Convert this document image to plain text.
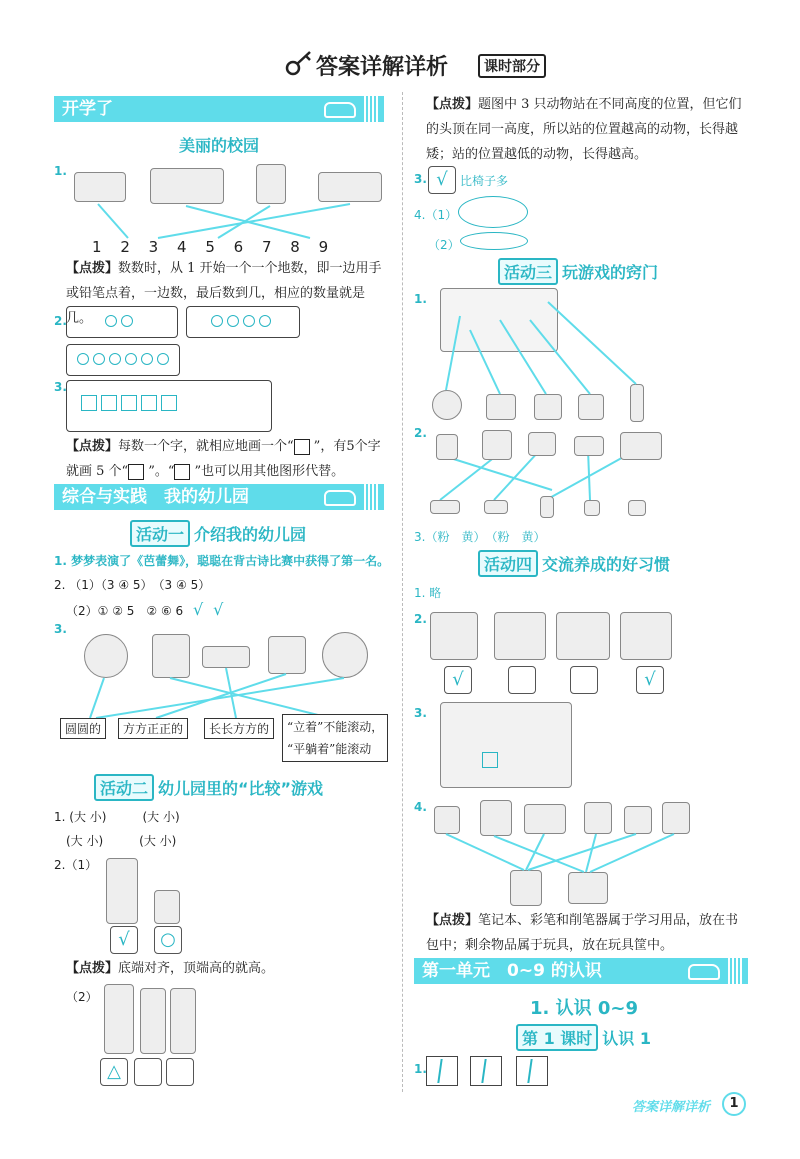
答案详解详析	课时部分
开学了
美丽的校园
1.
1 2 3 4 5 6 7 8 9
【点拨】数数时，从 1 开始一个一个地数，即一边用手或铅笔点着，一边数，最后数到几，相应的数量就是几。
2.
3.
【点拨】每数一个字，就相应地画一个“ ”，有5个字就画 5 个“ ”。“ ”也可以用其他图形代替。
综合与实践　我的幼儿园
活动一 介绍我的幼儿园
1. 梦梦表演了《芭蕾舞》，聪聪在背古诗比赛中获得了第一名。
2. （1）（3 ④ 5）　（3 ④ 5）
（2）① ② 5　② ⑥ 6 √ √
3.
圆圆的	方方正正的	长长方方的	“立着”不能滚动，
“平躺着”能滚动
活动二 幼儿园里的“比较”游戏
1. (大 小)　　　(大 小)
(大 小)　　　(大 小)
2.（1）
√	○
【点拨】底端对齐，顶端高的就高。
（2）
△
【点拨】题图中 3 只动物站在不同高度的位置，但它们的头顶在同一高度，所以站的位置越高的动物，长得越矮；站的位置越低的动物，长得越高。
3. √	比椅子多
4.（1）
（2）
活动三 玩游戏的窍门
1.
2.
3.（粉　黄）　（粉　黄）
活动四 交流养成的好习惯
1. 略
2.
√	√
3.
4.
【点拨】笔记本、彩笔和削笔器属于学习用品，放在书包中；剩余物品属于玩具，放在玩具筐中。
第一单元　0~9 的认识
1. 认识 0~9
第 1 课时 认识 1
1.
答案详解详析	1
